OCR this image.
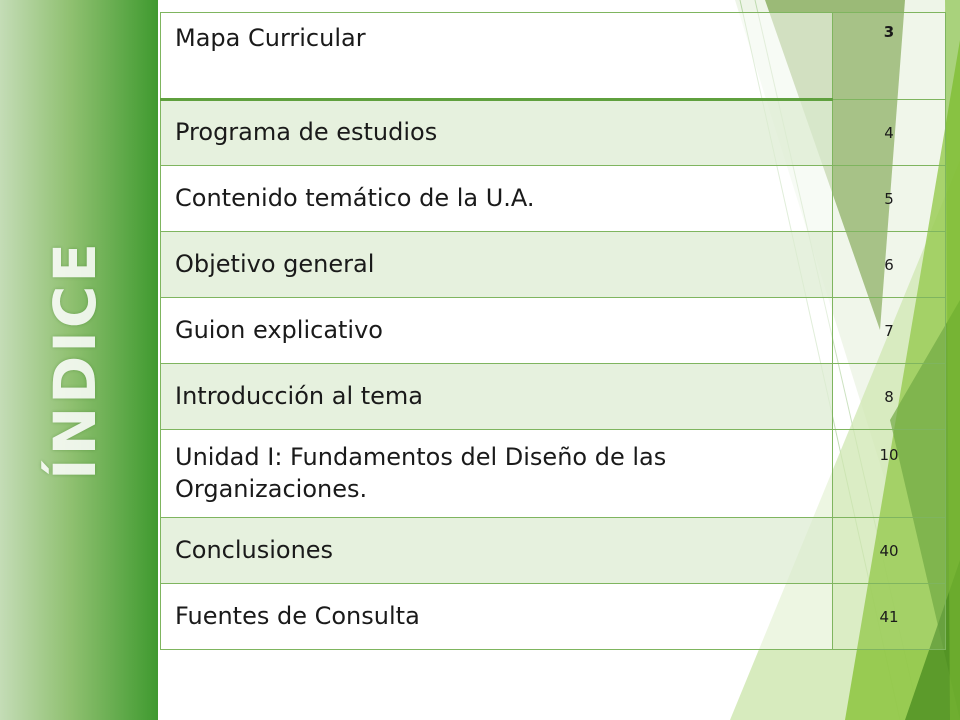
ÍNDICE
Mapa Curricular	3
Programa de estudios	4
Contenido temático de la U.A.	5
Objetivo general	6
Guion explicativo	7
Introducción al tema	8
Unidad I: Fundamentos del Diseño de las Organizaciones.	10
Conclusiones	40
Fuentes de Consulta	41
